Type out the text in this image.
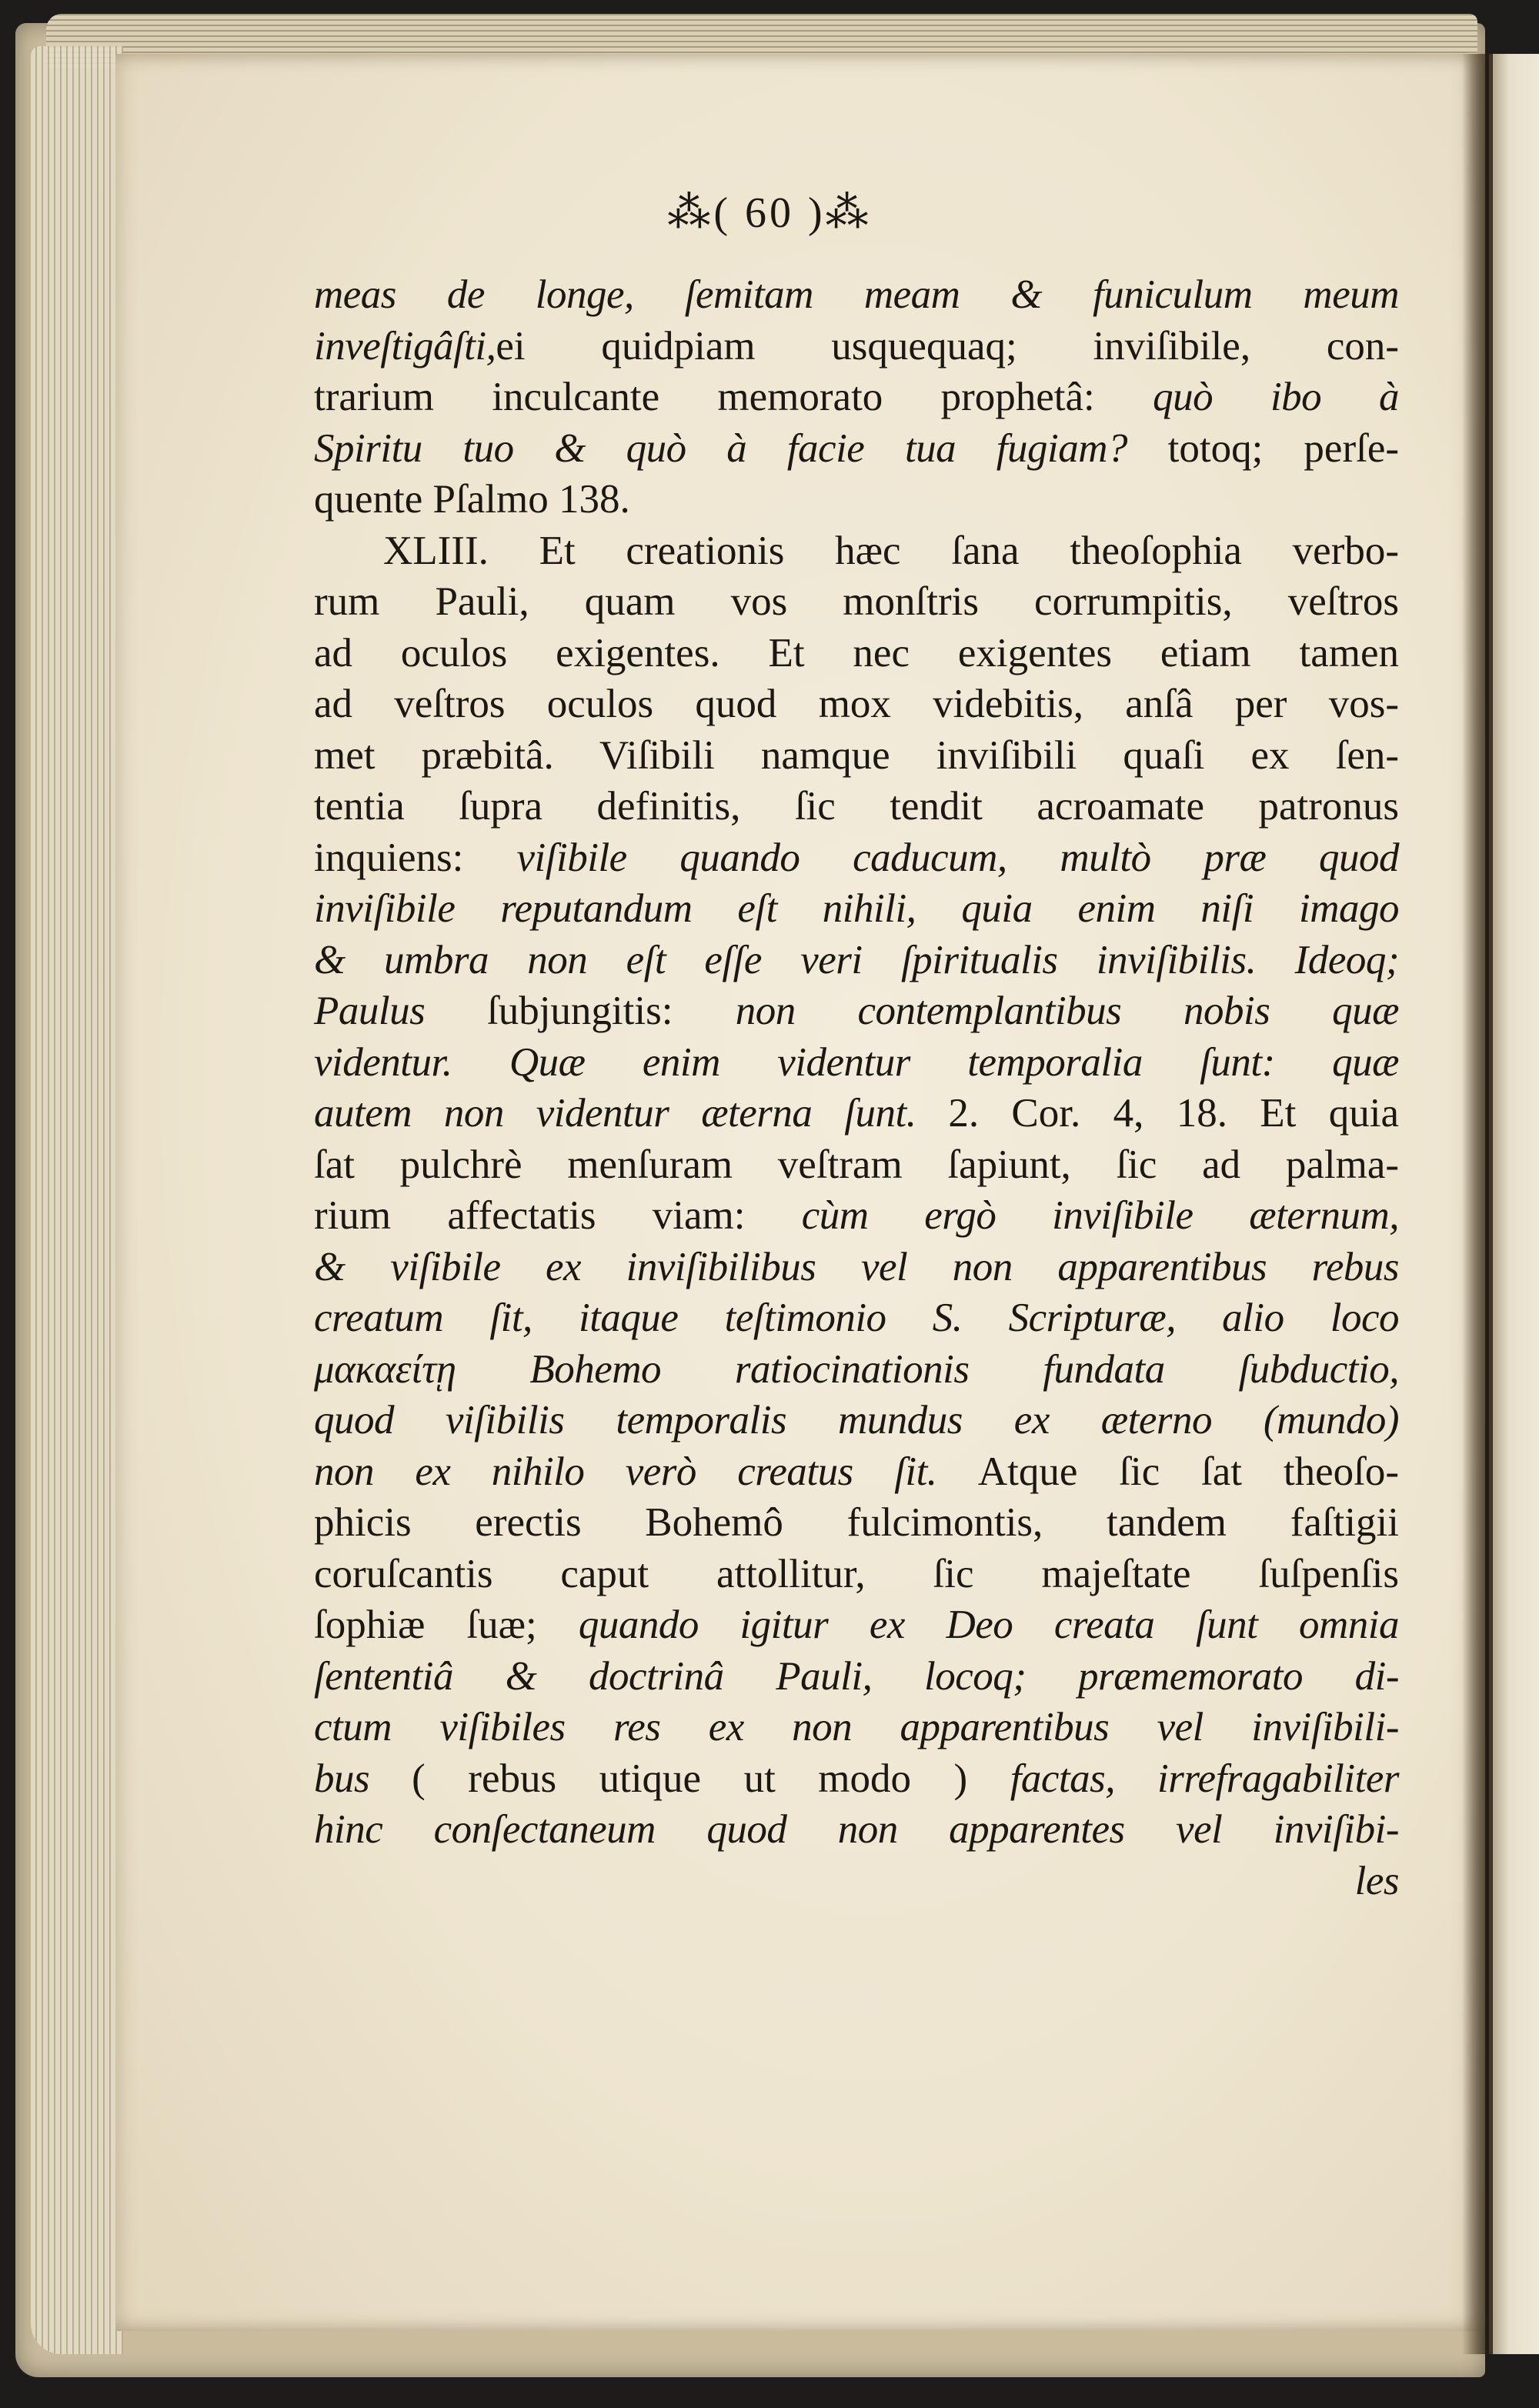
⁂( 60 )⁂
meas de longe, ſemitam meam & funiculum meum
inveſtigâſti,ei quidpiam usquequaq; inviſibile, con-
trarium inculcante memorato prophetâ: quò ibo à
Spiritu tuo & quò à facie tua fugiam? totoq; perſe-
quente Pſalmo 138.
XLIII. Et creationis hæc ſana theoſophia verbo-
rum Pauli, quam vos monſtris corrumpitis, veſtros
ad oculos exigentes. Et nec exigentes etiam tamen
ad veſtros oculos quod mox videbitis, anſâ per vos-
met præbitâ. Viſibili namque inviſibili quaſi ex ſen-
tentia ſupra definitis, ſic tendit acroamate patronus
inquiens: viſibile quando caducum, multò præ quod
inviſibile reputandum eſt nihili, quia enim niſi imago
& umbra non eſt eſſe veri ſpiritualis inviſibilis. Ideoq;
Paulus ſubjungitis: non contemplantibus nobis quæ
videntur. Quæ enim videntur temporalia ſunt: quæ
autem non videntur æterna ſunt. 2. Cor. 4, 18. Et quia
ſat pulchrè menſuram veſtram ſapiunt, ſic ad palma-
rium affectatis viam: cùm ergò inviſibile æternum,
& viſibile ex inviſibilibus vel non apparentibus rebus
creatum ſit, itaque teſtimonio S. Scripturæ, alio loco
μακαείτῃ Bohemo ratiocinationis fundata ſubductio,
quod viſibilis temporalis mundus ex æterno (mundo)
non ex nihilo verò creatus ſit. Atque ſic ſat theoſo-
phicis erectis Bohemô fulcimontis, tandem faſtigii
coruſcantis caput attollitur, ſic majeſtate ſuſpenſis
ſophiæ ſuæ; quando igitur ex Deo creata ſunt omnia
ſententiâ & doctrinâ Pauli, locoq; præmemorato di-
ctum viſibiles res ex non apparentibus vel inviſibili-
bus ( rebus utique ut modo ) factas, irrefragabiliter
hinc conſectaneum quod non apparentes vel inviſibi-
les
